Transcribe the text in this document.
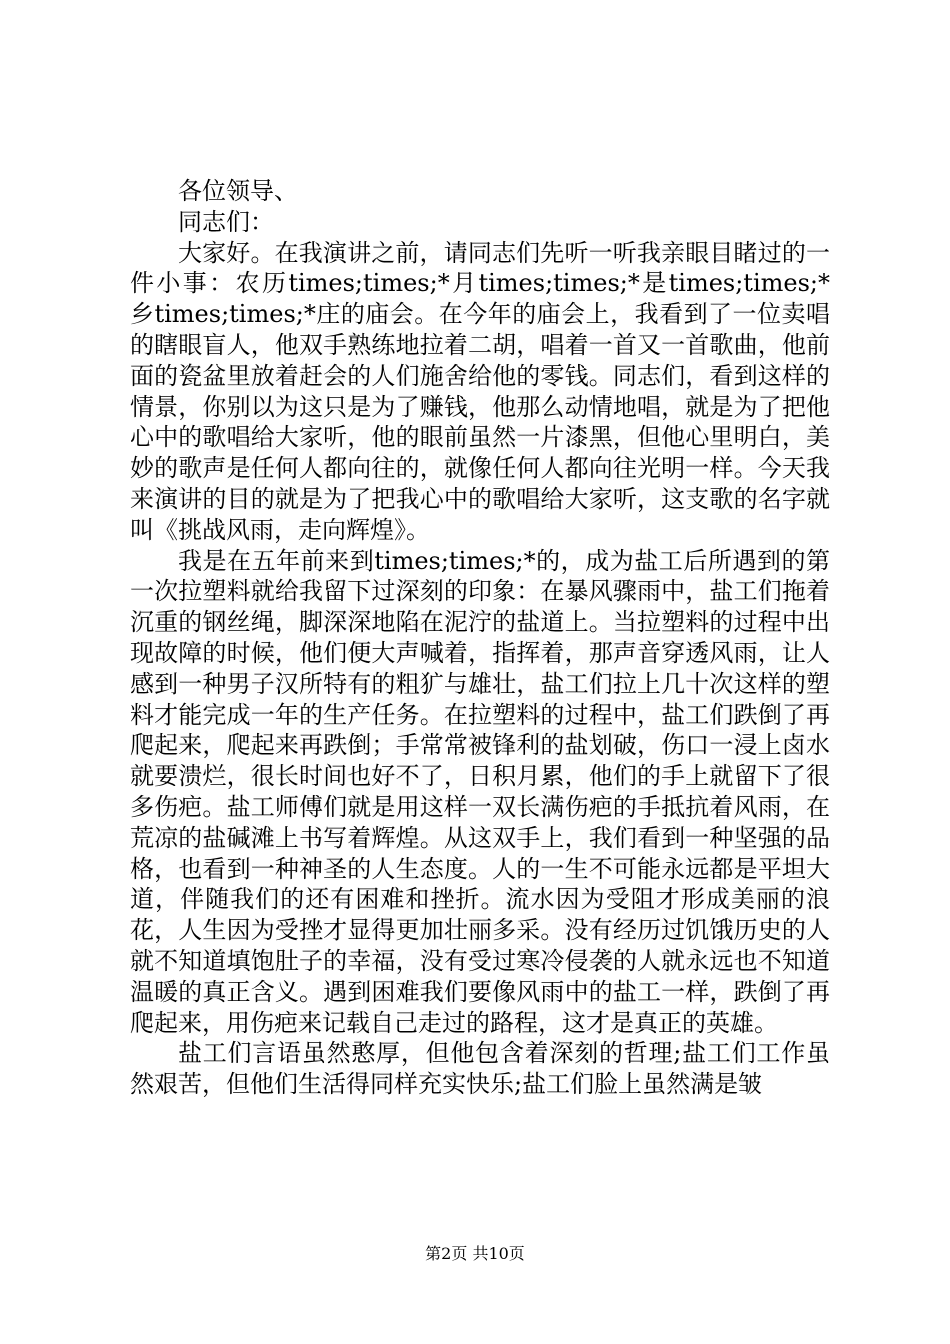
各位领导、

同志们：

大家好。在我演讲之前，请同志们先听一听我亲眼目睹过的一件小事：农历times;times;*月times;times;*是times;times;*乡times;times;*庄的庙会。在今年的庙会上，我看到了一位卖唱的瞎眼盲人，他双手熟练地拉着二胡，唱着一首又一首歌曲，他前面的瓷盆里放着赶会的人们施舍给他的零钱。同志们，看到这样的情景，你别以为这只是为了赚钱，他那么动情地唱，就是为了把他心中的歌唱给大家听，他的眼前虽然一片漆黑，但他心里明白，美妙的歌声是任何人都向往的，就像任何人都向往光明一样。今天我来演讲的目的就是为了把我心中的歌唱给大家听，这支歌的名字就叫《挑战风雨，走向辉煌》。

我是在五年前来到times;times;*的，成为盐工后所遇到的第一次拉塑料就给我留下过深刻的印象：在暴风骤雨中，盐工们拖着沉重的钢丝绳，脚深深地陷在泥泞的盐道上。当拉塑料的过程中出现故障的时候，他们便大声喊着，指挥着，那声音穿透风雨，让人感到一种男子汉所特有的粗犷与雄壮，盐工们拉上几十次这样的塑料才能完成一年的生产任务。在拉塑料的过程中，盐工们跌倒了再爬起来，爬起来再跌倒；手常常被锋利的盐划破，伤口一浸上卤水就要溃烂，很长时间也好不了，日积月累，他们的手上就留下了很多伤疤。盐工师傅们就是用这样一双长满伤疤的手抵抗着风雨，在荒凉的盐碱滩上书写着辉煌。从这双手上，我们看到一种坚强的品格，也看到一种神圣的人生态度。人的一生不可能永远都是平坦大道，伴随我们的还有困难和挫折。流水因为受阻才形成美丽的浪花，人生因为受挫才显得更加壮丽多采。没有经历过饥饿历史的人就不知道填饱肚子的幸福，没有受过寒冷侵袭的人就永远也不知道温暖的真正含义。遇到困难我们要像风雨中的盐工一样，跌倒了再爬起来，用伤疤来记载自己走过的路程，这才是真正的英雄。

盐工们言语虽然憨厚，但他包含着深刻的哲理;盐工们工作虽然艰苦，但他们生活得同样充实快乐;盐工们脸上虽然满是皱

第2页 共10页
